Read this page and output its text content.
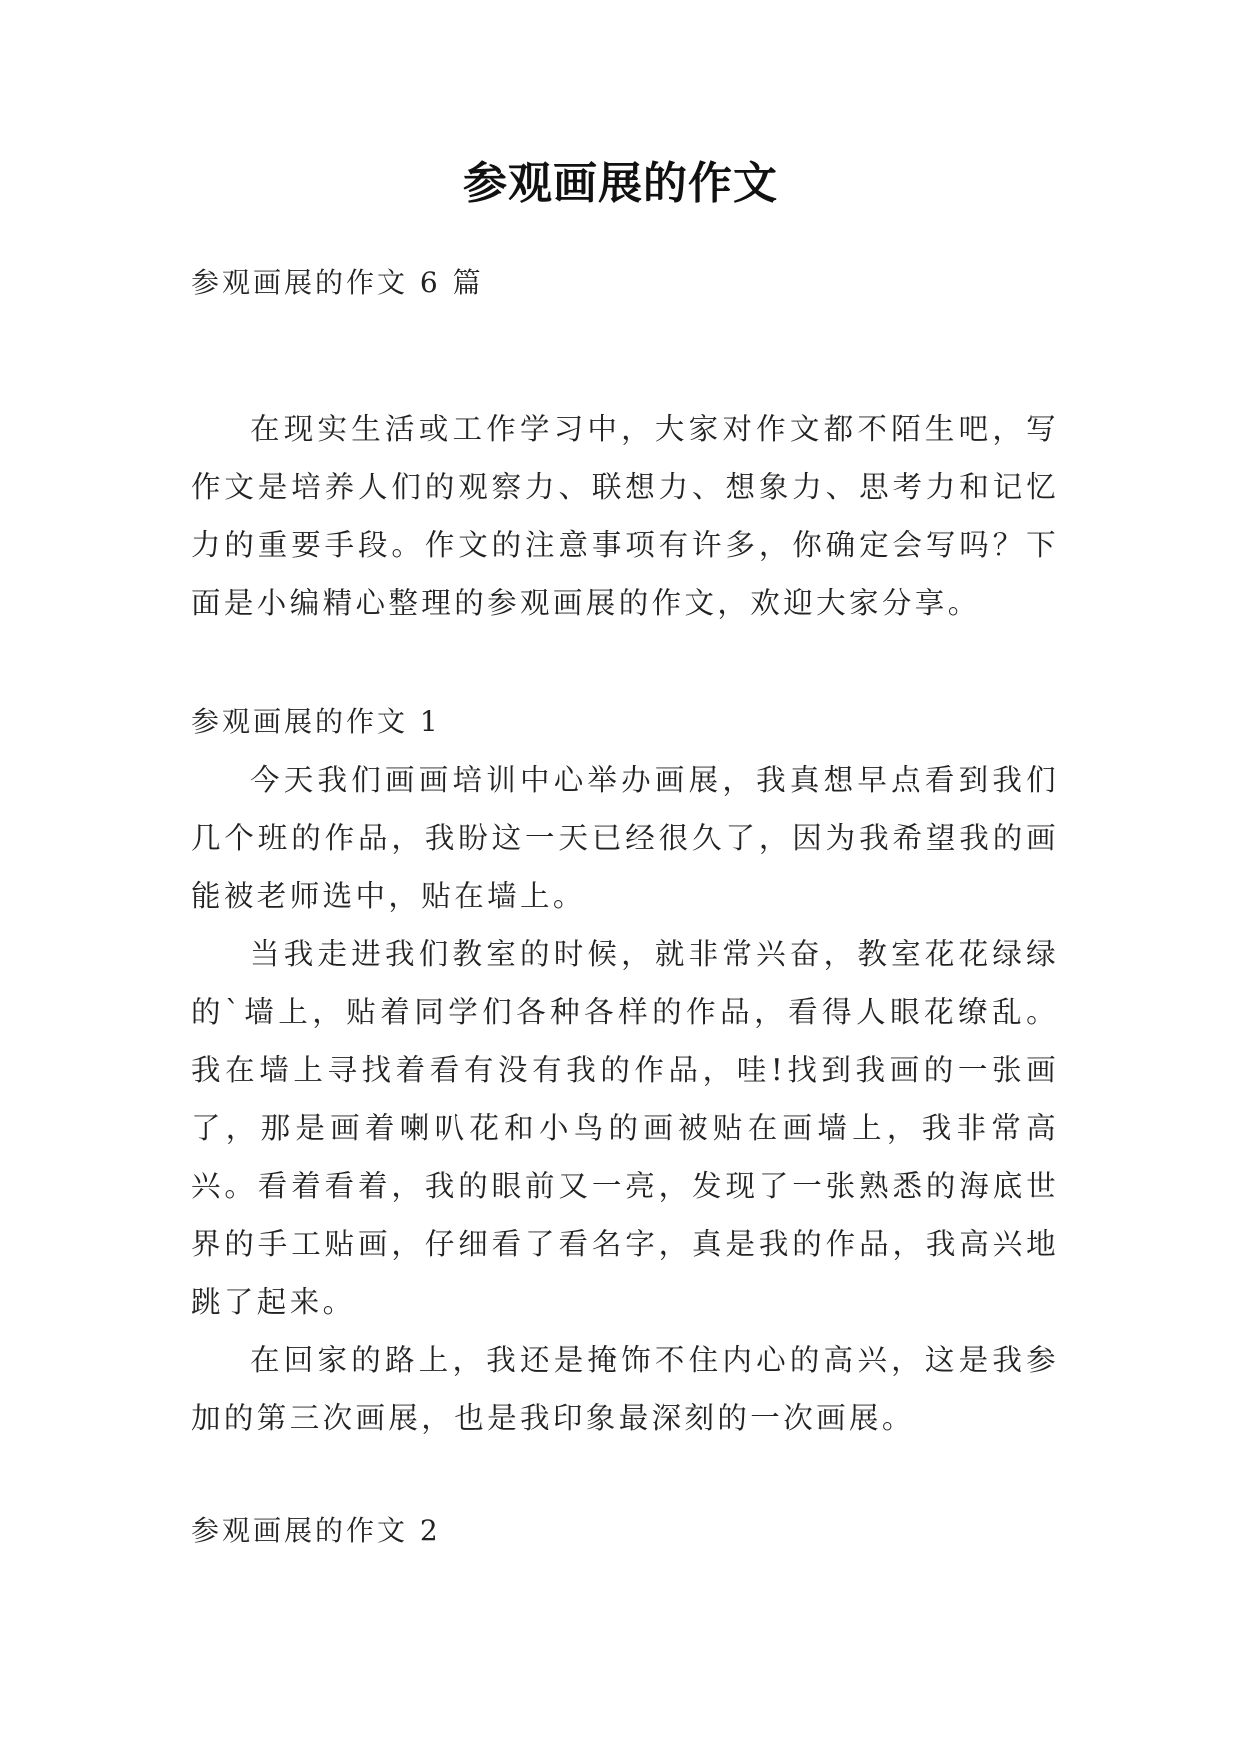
参观画展的作文

参观画展的作文 6 篇

在现实生活或工作学习中，大家对作文都不陌生吧，写作文是培养人们的观察力、联想力、想象力、思考力和记忆力的重要手段。作文的注意事项有许多，你确定会写吗？下面是小编精心整理的参观画展的作文，欢迎大家分享。

参观画展的作文 1

今天我们画画培训中心举办画展，我真想早点看到我们几个班的作品，我盼这一天已经很久了，因为我希望我的画能被老师选中，贴在墙上。

当我走进我们教室的时候，就非常兴奋，教室花花绿绿的`墙上，贴着同学们各种各样的作品，看得人眼花缭乱。我在墙上寻找着看有没有我的作品，哇!找到我画的一张画了，那是画着喇叭花和小鸟的画被贴在画墙上，我非常高兴。看着看着，我的眼前又一亮，发现了一张熟悉的海底世界的手工贴画，仔细看了看名字，真是我的作品，我高兴地跳了起来。

在回家的路上，我还是掩饰不住内心的高兴，这是我参加的第三次画展，也是我印象最深刻的一次画展。

参观画展的作文 2
